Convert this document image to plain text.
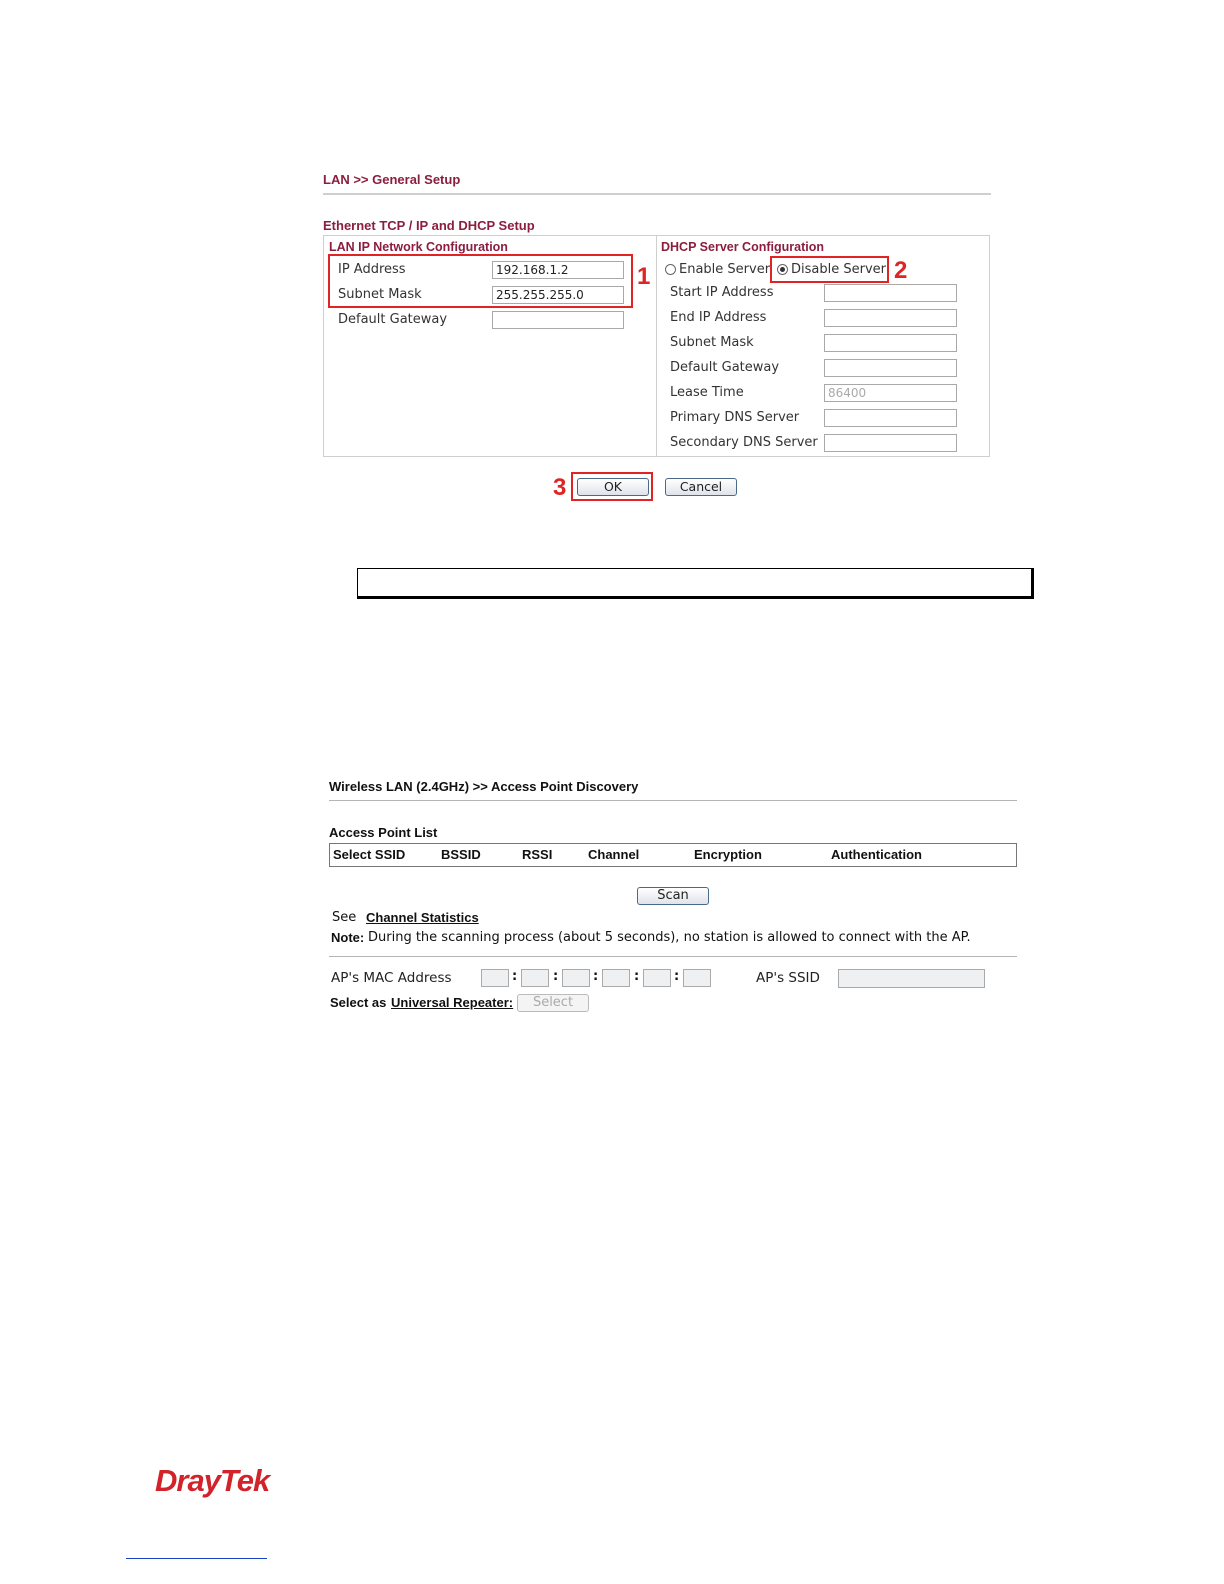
LAN >> General Setup
Ethernet TCP / IP and DHCP Setup
LAN IP Network Configuration
IP Address	192.168.1.2
Subnet Mask	255.255.255.0
Default Gateway
1
DHCP Server Configuration
Enable Server Disable Server 2
Start IP Address
End IP Address
Subnet Mask
Default Gateway
Lease Time	86400
Primary DNS Server
Secondary DNS Server
3	OK	Cancel
Wireless LAN (2.4GHz) >> Access Point Discovery
Access Point List
Select SSID	BSSID	RSSI	Channel	Encryption	Authentication
Scan
See Channel Statistics
Note: During the scanning process (about 5 seconds), no station is allowed to connect with the AP.
AP's MAC Address	:	:	:	:	:	AP's SSID
Select as Universal Repeater:	Select
DrayTek
